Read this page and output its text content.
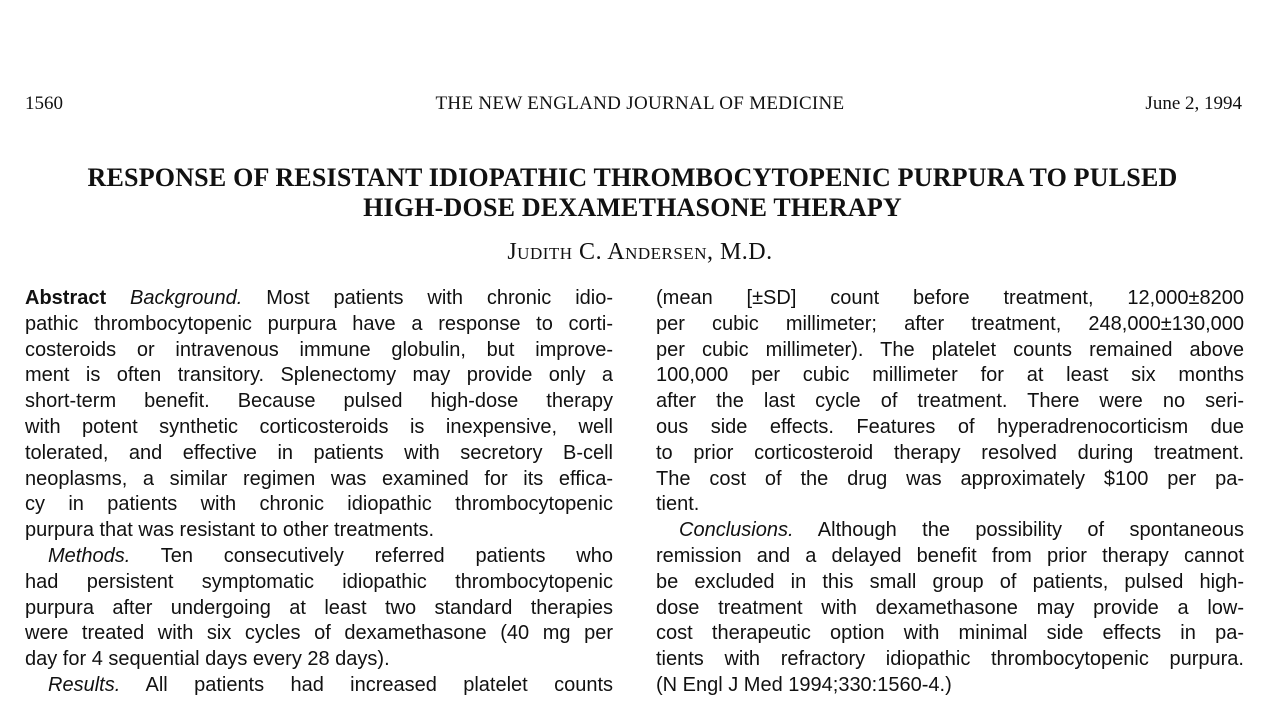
1560	THE NEW ENGLAND JOURNAL OF MEDICINE	June 2, 1994
RESPONSE OF RESISTANT IDIOPATHIC THROMBOCYTOPENIC PURPURA TO PULSED
HIGH-DOSE DEXAMETHASONE THERAPY
Judith C. Andersen, M.D.
Abstract Background. Most patients with chronic idio-
pathic thrombocytopenic purpura have a response to corti-
costeroids or intravenous immune globulin, but improve-
ment is often transitory. Splenectomy may provide only a
short-term benefit. Because pulsed high-dose therapy
with potent synthetic corticosteroids is inexpensive, well
tolerated, and effective in patients with secretory B-cell
neoplasms, a similar regimen was examined for its effica-
cy in patients with chronic idiopathic thrombocytopenic
purpura that was resistant to other treatments.
Methods. Ten consecutively referred patients who
had persistent symptomatic idiopathic thrombocytopenic
purpura after undergoing at least two standard therapies
were treated with six cycles of dexamethasone (40 mg per
day for 4 sequential days every 28 days).
Results. All patients had increased platelet counts
(mean [±SD] count before treatment, 12,000±8200
per cubic millimeter; after treatment, 248,000±130,000
per cubic millimeter). The platelet counts remained above
100,000 per cubic millimeter for at least six months
after the last cycle of treatment. There were no seri-
ous side effects. Features of hyperadrenocorticism due
to prior corticosteroid therapy resolved during treatment.
The cost of the drug was approximately $100 per pa-
tient.
Conclusions. Although the possibility of spontaneous
remission and a delayed benefit from prior therapy cannot
be excluded in this small group of patients, pulsed high-
dose treatment with dexamethasone may provide a low-
cost therapeutic option with minimal side effects in pa-
tients with refractory idiopathic thrombocytopenic purpura.
(N Engl J Med 1994;330:1560-4.)
